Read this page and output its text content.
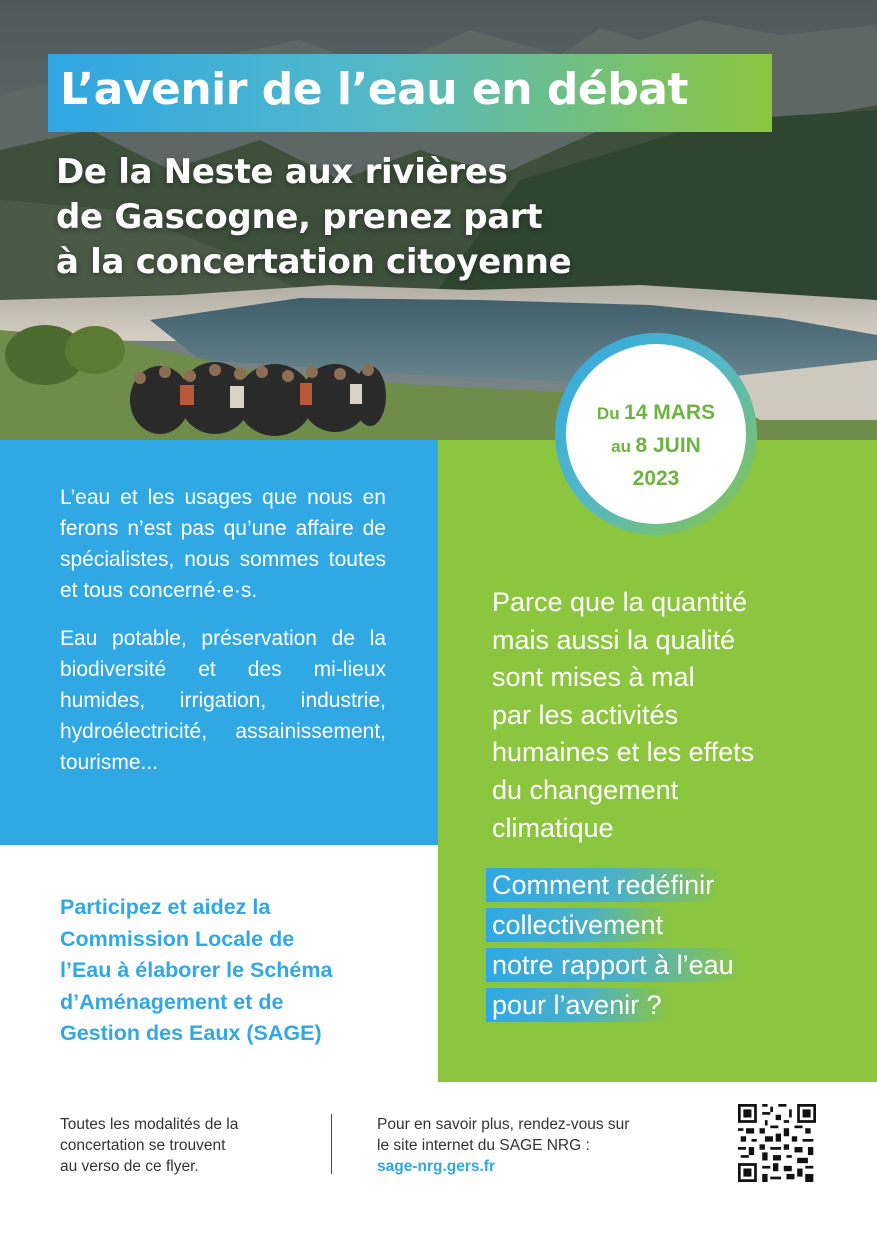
L’avenir de l’eau en débat
De la Neste aux rivières
de Gascogne, prenez part
à la concertation citoyenne

L’eau et les usages que nous en ferons n’est pas qu’une affaire de spécialistes, nous sommes toutes et tous concerné·e·s.

Eau potable, préservation de la biodiversité et des mi-lieux humides, irrigation, industrie, hydroélectricité, assainissement, tourisme...

Participez et aidez la
Commission Locale de
l’Eau à élaborer le Schéma
d’Aménagement et de
Gestion des Eaux (SAGE)
Parce que la quantité
mais aussi la qualité
sont mises à mal
par les activités
humaines et les effets
du changement
climatique
Comment redéfinir
collectivement
notre rapport à l’eau
pour l’avenir ?
Du 14 MARS
au 8 JUIN
2023
Toutes les modalités de la
concertation se trouvent
au verso de ce flyer.
Pour en savoir plus, rendez-vous sur
le site internet du SAGE NRG :
sage-nrg.gers.fr
